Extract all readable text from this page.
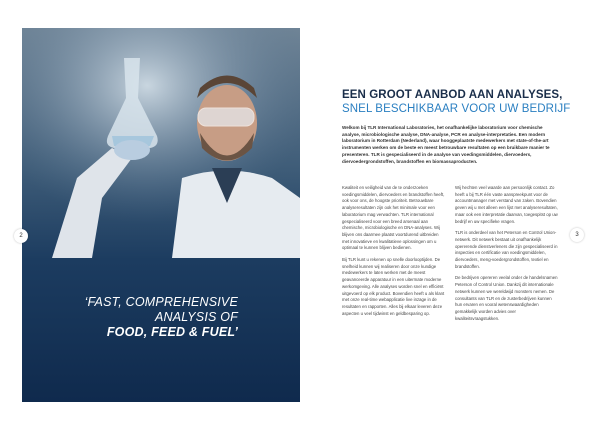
‘FAST, COMPREHENSIVE
ANALYSIS OF
FOOD, FEED & FUEL’
2	3
EEN GROOT AANBOD AAN ANALYSES,
SNEL BESCHIKBAAR VOOR UW BEDRIJF
Welkom bij TLR International Laboratories, het onafhankelijke laboratorium voor chemische analyse, microbiologische analyse, DNA-analyse, PCR en analyse-interpretaties. Een modern laboratorium in Rotterdam (Nederland), waar hooggeplaatste medewerkers met state-of-the-art instrumenten werken om de beste en meest betrouwbare resultaten op een bruikbare manier te presenteren. TLR is gespecialiseerd in de analyse van voedingsmiddelen, diervoeders, diervoedergrondstoffen, brandstoffen en biomassaproducten.

Kwaliteit en veiligheid van de te onderzoeken voedingsmiddelen, diervoeders en brandstoffen heeft, ook voor ons, de hoogste prioriteit. Betrouwbare analyseresultaten zijn ook het minimale voor een laboratorium mag verwachten. TLR international gespecialiseerd voor een breed arsenaal aan chemische, microbiologische en DNA-analyses. Wij blijven ons daarmee plaatst voortdurend uitbreiden met innovatieve en kwalitatieve oplossingen om u optimaal te kunnen blijven bedienen.

Bij TLR kunt u rekenen op snelle doorlooptijden. De snelheid kunnen wij realiseren door onze kundige medewerkers te laten werken met de meest geavanceerde apparatuur in een uitermate moderne werkomgeving. Alle analyses worden snel en efficiënt uitgevoerd op elk product. Bovendien heeft u als klant met onze real-time webapplicatie live inzage in de resultaten en rapporten. Alles bij elkaar leveren deze aspecten u veel tijdwinst en geldbesparing op.

Wij hechten veel waarde aan persoonlijk contact. Zo heeft u bij TLR één vaste aanspreekpunt voor de accountmanager met verstand van zaken. Bovendien geven wij u met alleen een lijst met analyseresultaten, maar ook een interpretatie daarvan, toegespitst op uw bedrijf en uw specifieke vragen.

TLR is onderdeel van het Peterson en Control Union-netwerk. Dit netwerk bestaat uit onafhankelijk opererende dienstverleners die zijn gespecialiseerd in inspecties en certificatie van voedingsmiddelen, diervoeders, meng-voedergrondstoffen, textiel en brandstoffen.

De bedrijven opereren veelal onder de handelsnamen Peterson of Control Union. Dankzij dit internationale netwerk kunnen we wereldwijd monsters nemen. De consultants van TLR en de zusterbedrijven kunnen hun ervaren en vooral wetenswaardigheden gemakkelijk worden advies over kwaliteitsvraagstukken.
